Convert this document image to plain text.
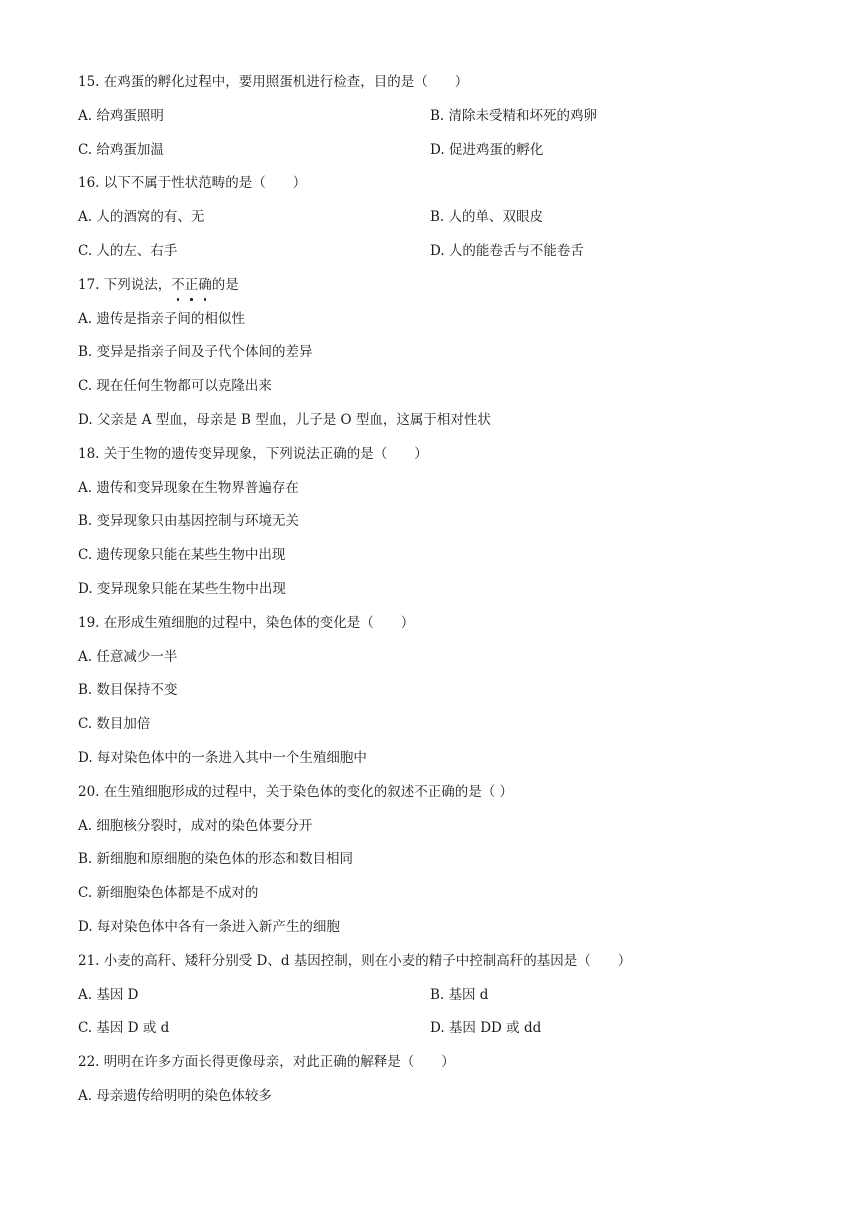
15. 在鸡蛋的孵化过程中，要用照蛋机进行检查，目的是（　　）
A. 给鸡蛋照明	B. 清除未受精和坏死的鸡卵
C. 给鸡蛋加温	D. 促进鸡蛋的孵化
16. 以下不属于性状范畴的是（　　）
A. 人的酒窝的有、无	B. 人的单、双眼皮
C. 人的左、右手	D. 人的能卷舌与不能卷舌
17. 下列说法， 不 正 确 的是
A. 遗传是指亲子间的相似性
B. 变异是指亲子间及子代个体间的差异
C. 现在任何生物都可以克隆出来
D. 父亲是 A 型血，母亲是 B 型血，儿子是 O 型血，这属于相对性状
18. 关于生物的遗传变异现象，下列说法正确的是（　　）
A. 遗传和变异现象在生物界普遍存在
B. 变异现象只由基因控制与环境无关
C. 遗传现象只能在某些生物中出现
D. 变异现象只能在某些生物中出现
19. 在形成生殖细胞的过程中，染色体的变化是（　　）
A. 任意减少一半
B. 数目保持不变
C. 数目加倍
D. 每对染色体中的一条进入其中一个生殖细胞中
20. 在生殖细胞形成的过程中，关于染色体的变化的叙述不正确的是（ ）
A. 细胞核分裂时，成对的染色体要分开
B. 新细胞和原细胞的染色体的形态和数目相同
C. 新细胞染色体都是不成对的
D. 每对染色体中各有一条进入新产生的细胞
21. 小麦的高秆、矮秆分别受 D、d 基因控制，则在小麦的精子中控制高秆的基因是（　　）
A. 基因 D	B. 基因 d
C. 基因 D 或 d	D. 基因 DD 或 dd
22. 明明在许多方面长得更像母亲，对此正确的解释是（　　）
A. 母亲遗传给明明的染色体较多
